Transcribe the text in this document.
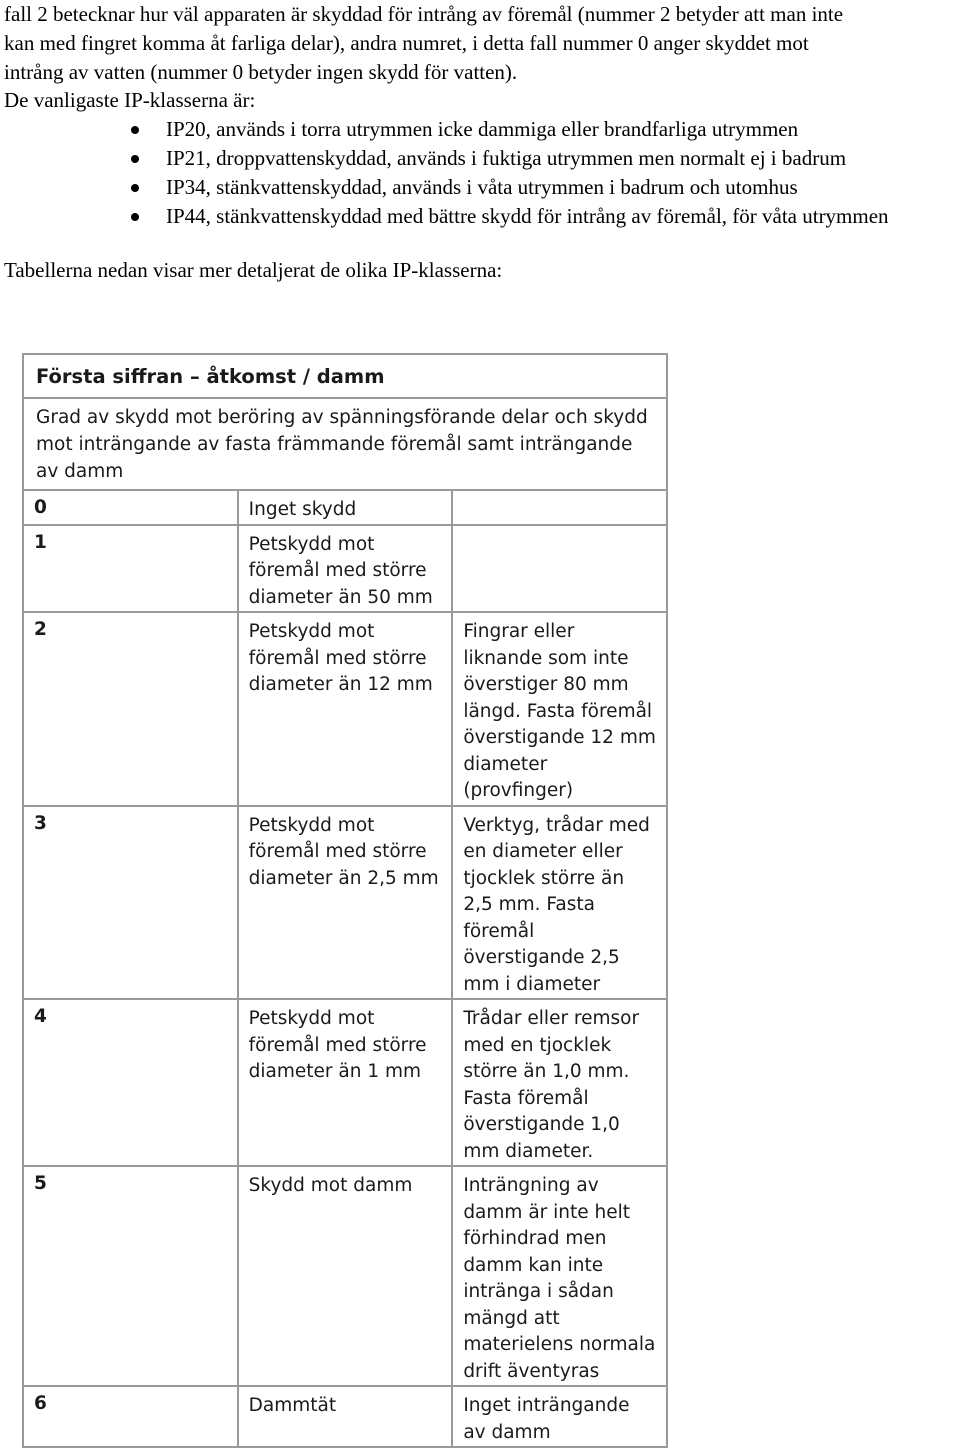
fall 2 betecknar hur väl apparaten är skyddad för intrång av föremål (nummer 2 betyder att man inte

kan med fingret komma åt farliga delar), andra numret, i detta fall nummer 0 anger skyddet mot

intrång av vatten (nummer 0 betyder ingen skydd för vatten).

De vanligaste IP-klasserna är:

IP20, används i torra utrymmen icke dammiga eller brandfarliga utrymmen
IP21, droppvattenskyddad, används i fuktiga utrymmen men normalt ej i badrum
IP34, stänkvattenskyddad, används i våta utrymmen i badrum och utomhus
IP44, stänkvattenskyddad med bättre skydd för intrång av föremål, för våta utrymmen

Tabellerna nedan visar mer detaljerat de olika IP-klasserna:

Första siffran – åtkomst / damm		
Grad av skydd mot beröring av spänningsförande delar och skydd mot inträngande av fasta främmande föremål samt inträngande av damm		
0	Inget skydd	
1	Petskydd mot föremål med större diameter än 50 mm	
2	Petskydd mot föremål med större diameter än 12 mm	Fingrar eller liknande som inte överstiger 80 mm längd. Fasta föremål överstigande 12 mm diameter (provfinger)
3	Petskydd mot föremål med större diameter än 2,5 mm	Verktyg, trådar med en diameter eller tjocklek större än 2,5 mm. Fasta föremål överstigande 2,5 mm i diameter
4	Petskydd mot föremål med större diameter än 1 mm	Trådar eller remsor med en tjocklek större än 1,0 mm. Fasta föremål överstigande 1,0 mm diameter.
5	Skydd mot damm	Inträngning av damm är inte helt förhindrad men damm kan inte intränga i sådan mängd att materielens normala drift äventyras
6	Dammtät	Inget inträngande av damm
